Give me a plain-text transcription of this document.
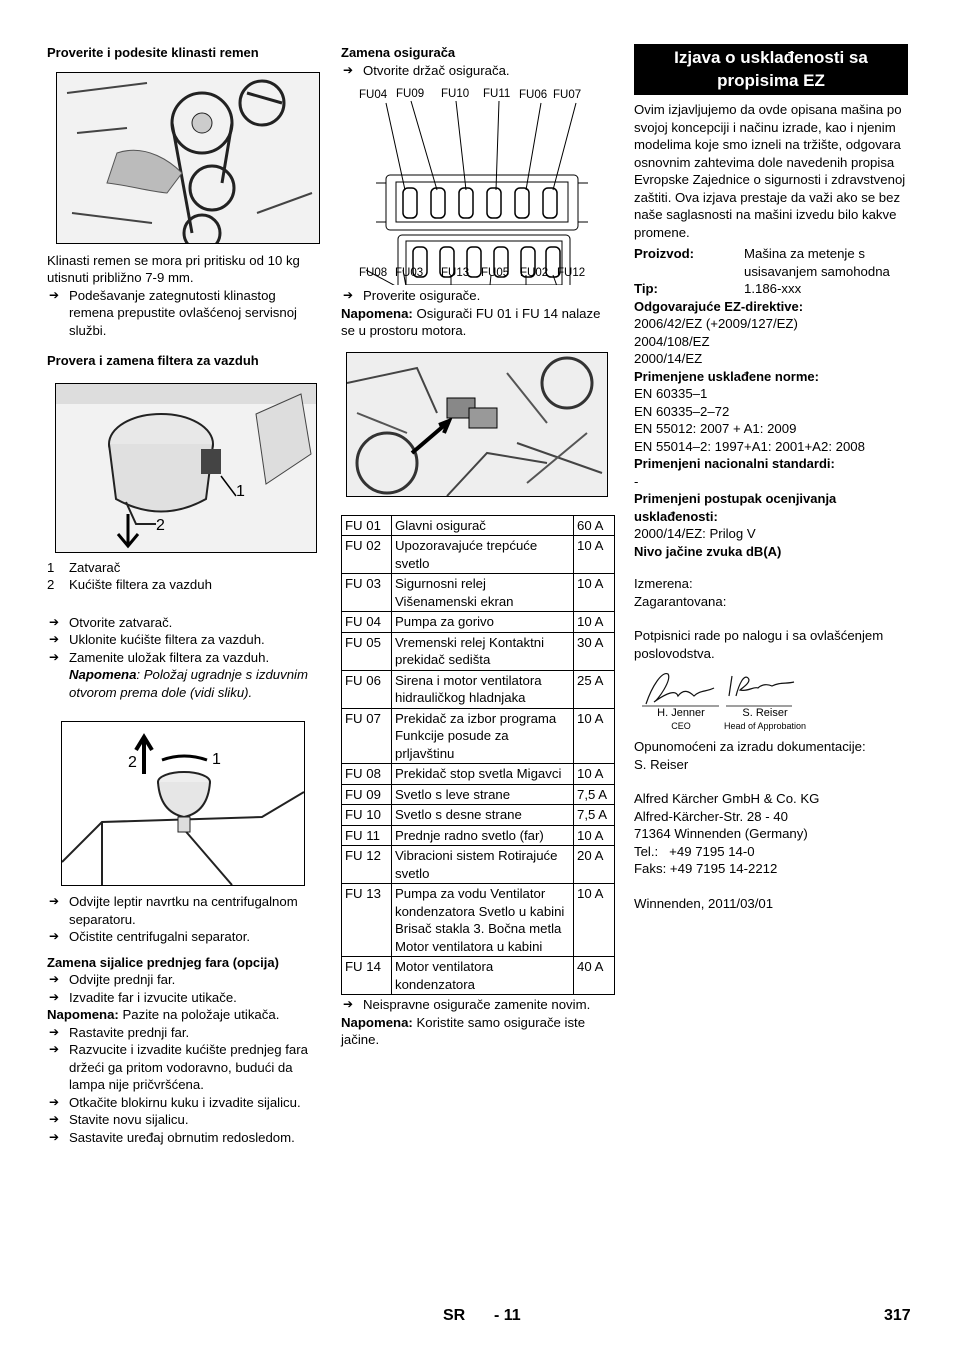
Proverite i podesite klinasti remen

Klinasti remen se mora pri pritisku od 10 kg utisnuti približno 7-9 mm.

➔ Podešavanje zategnutosti klinastog remena prepustite ovlašćenoj servisnoj službi.

Provera i zamena filtera za vazduh

1
2

1 Zatvarač

2 Kućište filtera za vazduh

➔ Otvorite zatvarač.

➔ Uklonite kućište filtera za vazduh.

➔ Zamenite uložak filtera za vazduh.

Napomena: Položaj ugradnje s izduvnim otvorom prema dole (vidi sliku).

2	1

➔ Odvijte leptir navrtku na centrifugalnom separatoru.

➔ Očistite centrifugalni separator.

Zamena sijalice prednjeg fara (opcija)

➔ Odvijte prednji far.

➔ Izvadite far i izvucite utikače.

Napomena: Pazite na položaje utikača.

➔ Rastavite prednji far.

➔ Razvucite i izvadite kućište prednjeg fara držeći ga pritom vodoravno, budući da lampa nije pričvršćena.

➔ Otkačite blokirnu kuku i izvadite sijalicu.

➔ Stavite novu sijalicu.

➔ Sastavite uređaj obrnutim redosledom.

Zamena osigurača

➔ Otvorite držač osigurača.

FU04 FU09 FU10 FU11 FU06 FU07
FU08 FU03 FU13 FU05 FU02 FU12

➔ Proverite osigurače.

Napomena: Osigurači FU 01 i FU 14 nalaze se u prostoru motora.

FU 01	Glavni osigurač	60 A
FU 02	Upozoravajuće trepćuće svetlo	10 A
FU 03	Sigurnosni relej Višenamenski ekran	10 A
FU 04	Pumpa za gorivo	10 A
FU 05	Vremenski relej Kontaktni prekidač sedišta	30 A
FU 06	Sirena i motor ventilatora hidrauličkog hladnjaka	25 A
FU 07	Prekidač za izbor programa Funkcije posude za prljavštinu	10 A
FU 08	Prekidač stop svetla Migavci	10 A
FU 09	Svetlo s leve strane	7,5 A
FU 10	Svetlo s desne strane	7,5 A
FU 11	Prednje radno svetlo (far)	10 A
FU 12	Vibracioni sistem Rotirajuće svetlo	20 A
FU 13	Pumpa za vodu Ventilator kondenzatora Svetlo u kabini Brisač stakla 3. Bočna metla Motor ventilatora u kabini	10 A
FU 14	Motor ventilatora kondenzatora	40 A

➔ Neispravne osigurače zamenite novim.

Napomena: Koristite samo osigurače iste jačine.

Izjava o usklađenosti sa propisima EZ

Ovim izjavljujemo da ovde opisana mašina po svojoj koncepciji i načinu izrade, kao i njenim modelima koje smo izneli na tržište, odgovara osnovnim zahtevima dole navedenih propisa Evropske Zajednice o sigurnosti i zdravstvenoj zaštiti. Ova izjava prestaje da važi ako se bez naše saglasnosti na mašini izvedu bilo kakve promene.

Proizvod:	Mašina za metenje s usisavanjem samohodna
Tip:	1.186-xxx

Odgovarajuće EZ-direktive:

2006/42/EZ (+2009/127/EZ)

2004/108/EZ

2000/14/EZ

Primenjene usklađene norme:

EN 60335–1

EN 60335–2–72

EN 55012: 2007 + A1: 2009

EN 55014–2: 1997+A1: 2001+A2: 2008

Primenjeni nacionalni standardi:

-

Primenjeni postupak ocenjivanja usklađenosti:

2000/14/EZ: Prilog V

Nivo jačine zvuka dB(A)

Izmerena:

Zagarantovana:

Potpisnici rade po nalogu i sa ovlašćenjem poslovodstva.

H. Jenner
CEO
S. Reiser
Head of Approbation

Opunomoćeni za izradu dokumentacije:

S. Reiser

Alfred Kärcher GmbH & Co. KG

Alfred-Kärcher-Str. 28 - 40

71364 Winnenden (Germany)

Tel.:   +49 7195 14-0

Faks: +49 7195 14-2212

Winnenden, 2011/03/01

SR - 11	317
